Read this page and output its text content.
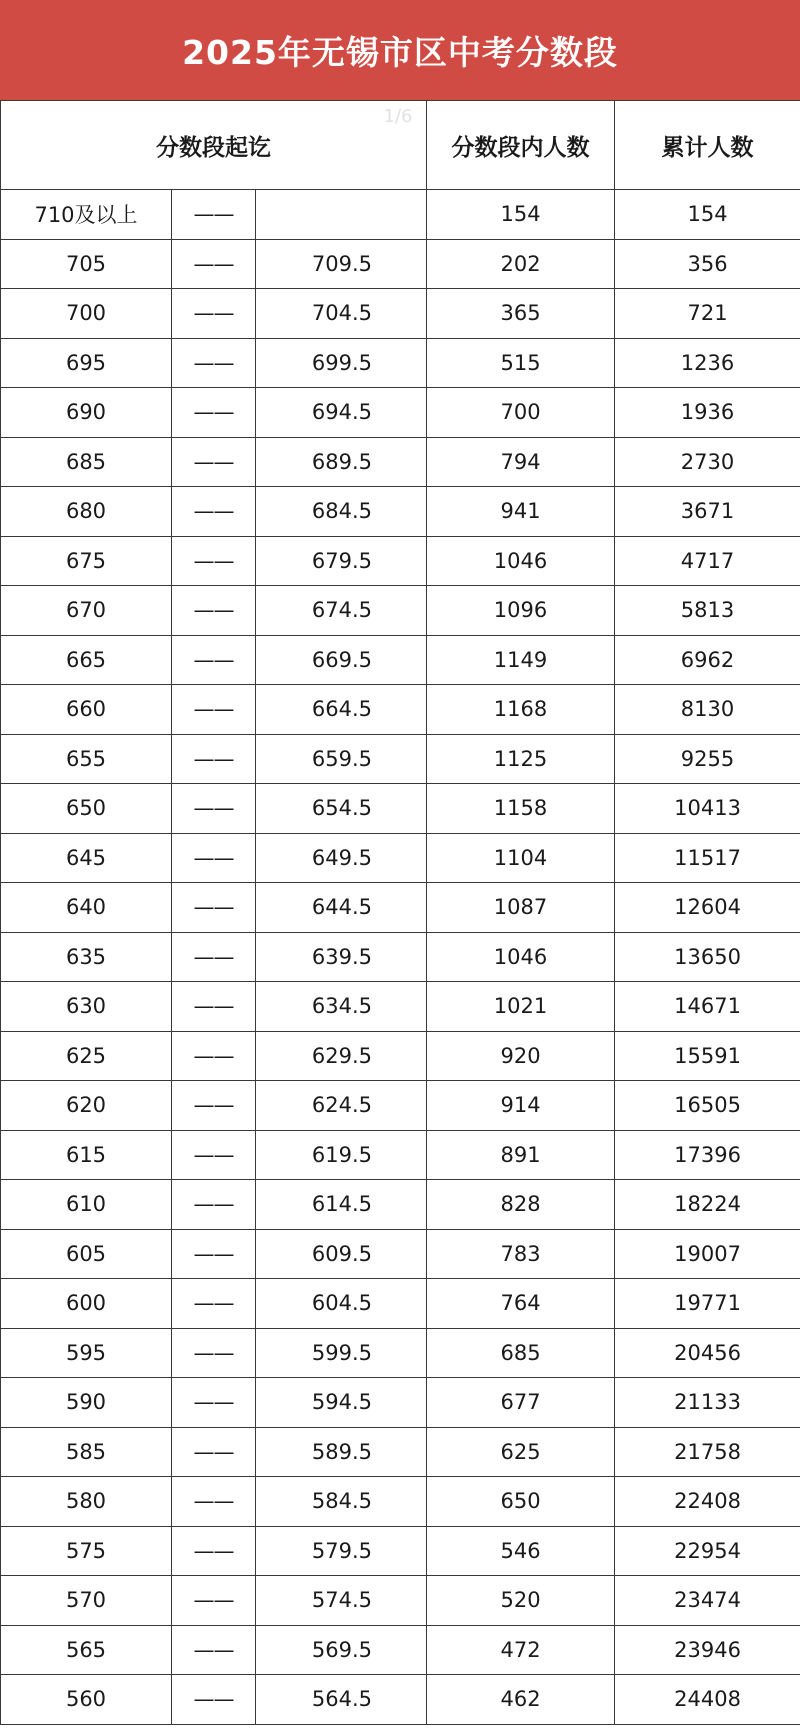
2025年无锡市区中考分数段
1/6
分数段起讫			分数段内人数	累计人数
710及以上	——		154	154
705	——	709.5	202	356
700	——	704.5	365	721
695	——	699.5	515	1236
690	——	694.5	700	1936
685	——	689.5	794	2730
680	——	684.5	941	3671
675	——	679.5	1046	4717
670	——	674.5	1096	5813
665	——	669.5	1149	6962
660	——	664.5	1168	8130
655	——	659.5	1125	9255
650	——	654.5	1158	10413
645	——	649.5	1104	11517
640	——	644.5	1087	12604
635	——	639.5	1046	13650
630	——	634.5	1021	14671
625	——	629.5	920	15591
620	——	624.5	914	16505
615	——	619.5	891	17396
610	——	614.5	828	18224
605	——	609.5	783	19007
600	——	604.5	764	19771
595	——	599.5	685	20456
590	——	594.5	677	21133
585	——	589.5	625	21758
580	——	584.5	650	22408
575	——	579.5	546	22954
570	——	574.5	520	23474
565	——	569.5	472	23946
560	——	564.5	462	24408
